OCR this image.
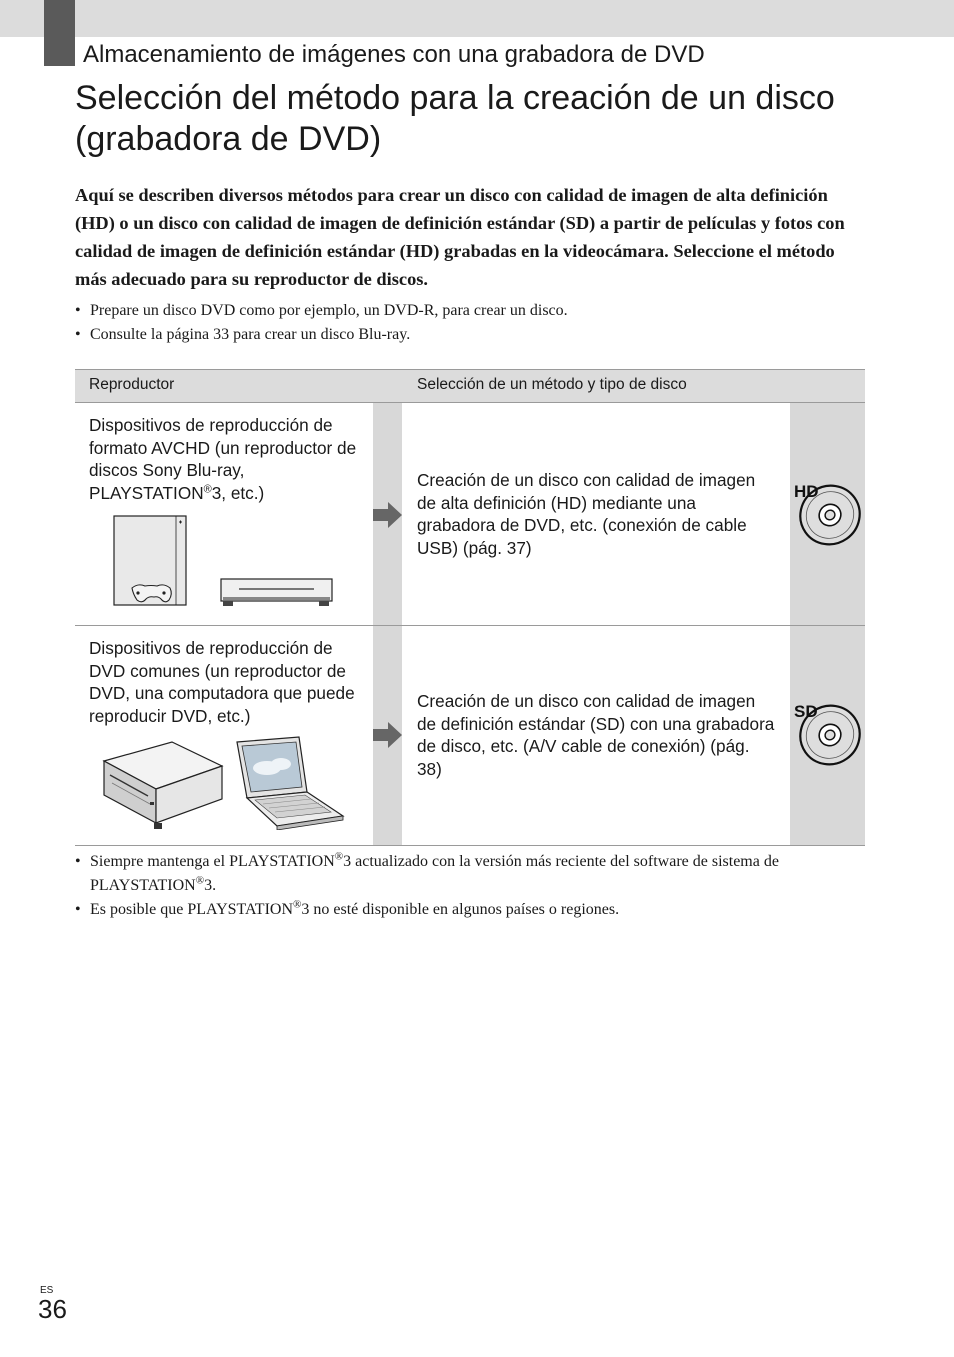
Almacenamiento de imágenes con una grabadora de DVD
Selección del método para la creación de un disco (grabadora de DVD)

Aquí se describen diversos métodos para crear un disco con calidad de imagen de alta definición (HD) o un disco con calidad de imagen de definición estándar (SD) a partir de películas y fotos con calidad de imagen de definición estándar (HD) grabadas en la videocámara. Seleccione el método más adecuado para su reproductor de discos.

• Prepare un disco DVD como por ejemplo, un DVD-R, para crear un disco.
• Consulte la página 33 para crear un disco Blu-ray.
Reproductor	Selección de un método y tipo de disco
HD
Dispositivos de reproducción de formato AVCHD (un reproductor de discos Sony Blu-ray, PLAYSTATION®3, etc.)
Creación de un disco con calidad de imagen de alta definición (HD) mediante una grabadora de DVD, etc. (conexión de cable USB) (pág. 37)
SD
Dispositivos de reproducción de DVD comunes (un reproductor de DVD, una computadora que puede reproducir DVD, etc.)
Creación de un disco con calidad de imagen de definición estándar (SD) con una grabadora de disco, etc. (A/V cable de conexión) (pág. 38)
• Siempre mantenga el PLAYSTATION®3 actualizado con la versión más reciente del software de sistema de PLAYSTATION®3.
• Es posible que PLAYSTATION®3 no esté disponible en algunos países o regiones.
ES
36
